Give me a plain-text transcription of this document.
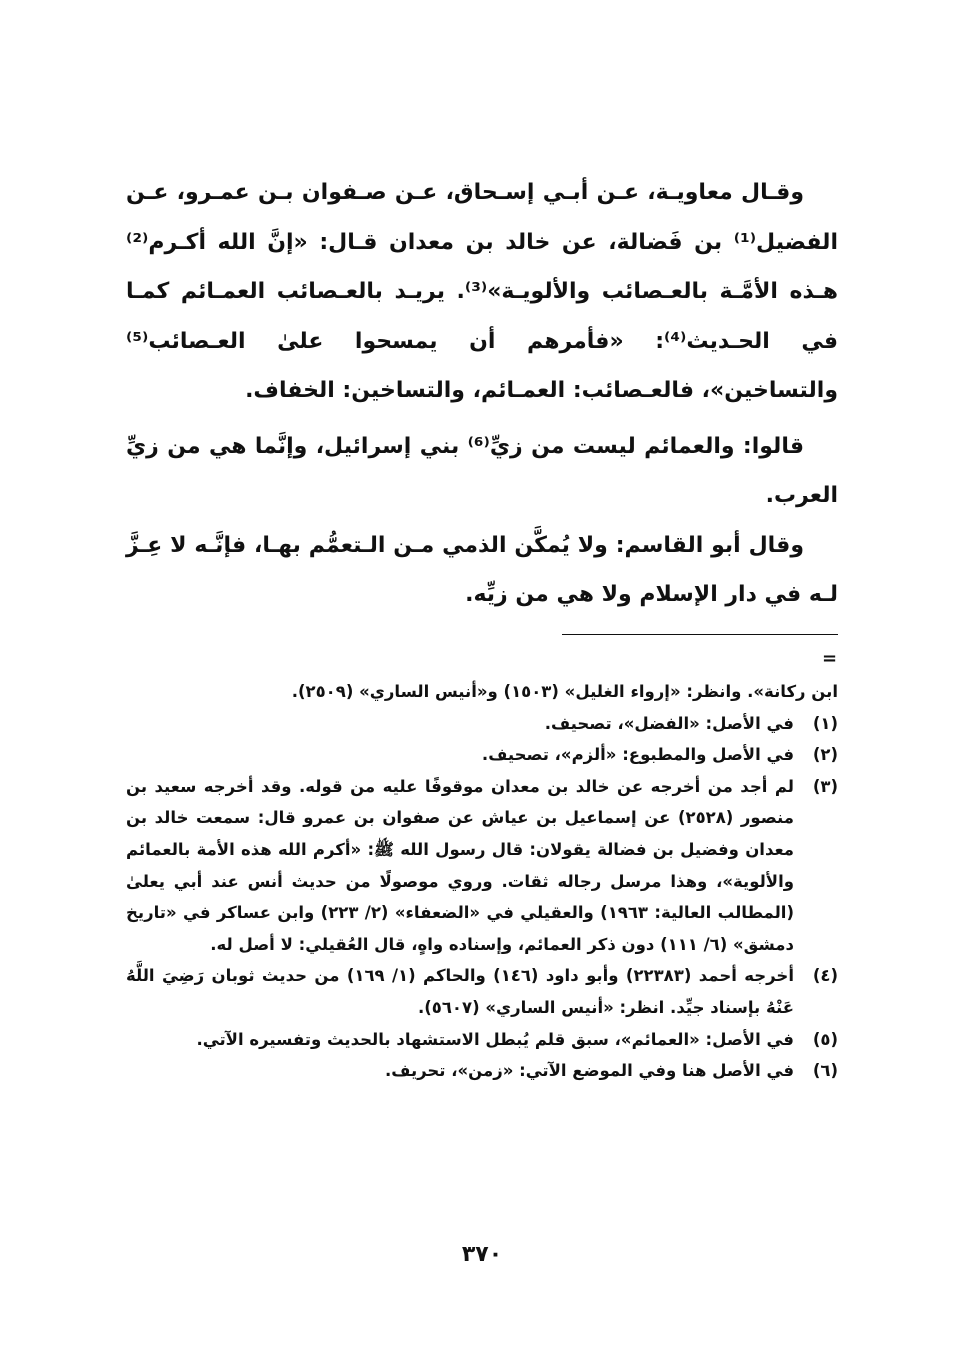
وقـال معاويـة، عـن أبـي إسـحاق، عـن صـفوان بـن عمـرو، عـن الفضيل⁽¹⁾ بن فَضالة، عن خالد بن معدان قـال: «إنَّ الله أكـرم⁽²⁾ هـذه الأمَّـة بالعـصائب والألويـة»⁽³⁾. يريـد بالعـصائب العمـائم كمـا في الحـديث⁽⁴⁾: «فأمرهم أن يمسحوا علىٰ العـصائب⁽⁵⁾ والتساخين»، فالعـصائب: العمـائم، والتساخين: الخفاف.

قالوا: والعمائم ليست من زيِّ⁽⁶⁾ بني إسرائيل، وإنَّما هي من زيِّ العرب.

وقال أبو القاسم: ولا يُمكَّن الذمي مـن الـتعمُّم بهـا، فإنَّـه لا عِـزَّ لـه في دار الإسلام ولا هي من زيِّه.

=
ابن ركانة». وانظر: «إرواء الغليل» (١٥٠٣) و«أنيس الساري» (٢٥٠٩).
(١)
في الأصل: «الفضل»، تصحيف.
(٢)
في الأصل والمطبوع: «ألزم»، تصحيف.
(٣)
لم أجد من أخرجه عن خالد بن معدان موقوفًا عليه من قوله. وقد أخرجه سعيد بن منصور (٢٥٢٨) عن إسماعيل بن عياش عن صفوان بن عمرو قال: سمعت خالد بن معدان وفضيل بن فضالة يقولان: قال رسول الله ﷺ: «أكرم الله هذه الأمة بالعمائم والألوية»، وهذا مرسل رجاله ثقات. وروي موصولًا من حديث أنس عند أبي يعلىٰ (المطالب العالية: ١٩٦٣) والعقيلي في «الضعفاء» (٢/ ٢٢٣) وابن عساكر في «تاريخ دمشق» (٦/ ١١١) دون ذكر العمائم، وإسناده واهٍ، قال العُقيلي: لا أصل له.
(٤)
أخرجه أحمد (٢٢٣٨٣) وأبو داود (١٤٦) والحاكم (١/ ١٦٩) من حديث ثوبان رَضِيَ اللَّهُ عَنْهُ بإسناد جيِّد. انظر: «أنيس الساري» (٥٦٠٧).
(٥)
في الأصل: «العمائم»، سبق قلم يُبطل الاستشهاد بالحديث وتفسيره الآتي.
(٦)
في الأصل هنا وفي الموضع الآتي: «زمن»، تحريف.
٣٧٠
